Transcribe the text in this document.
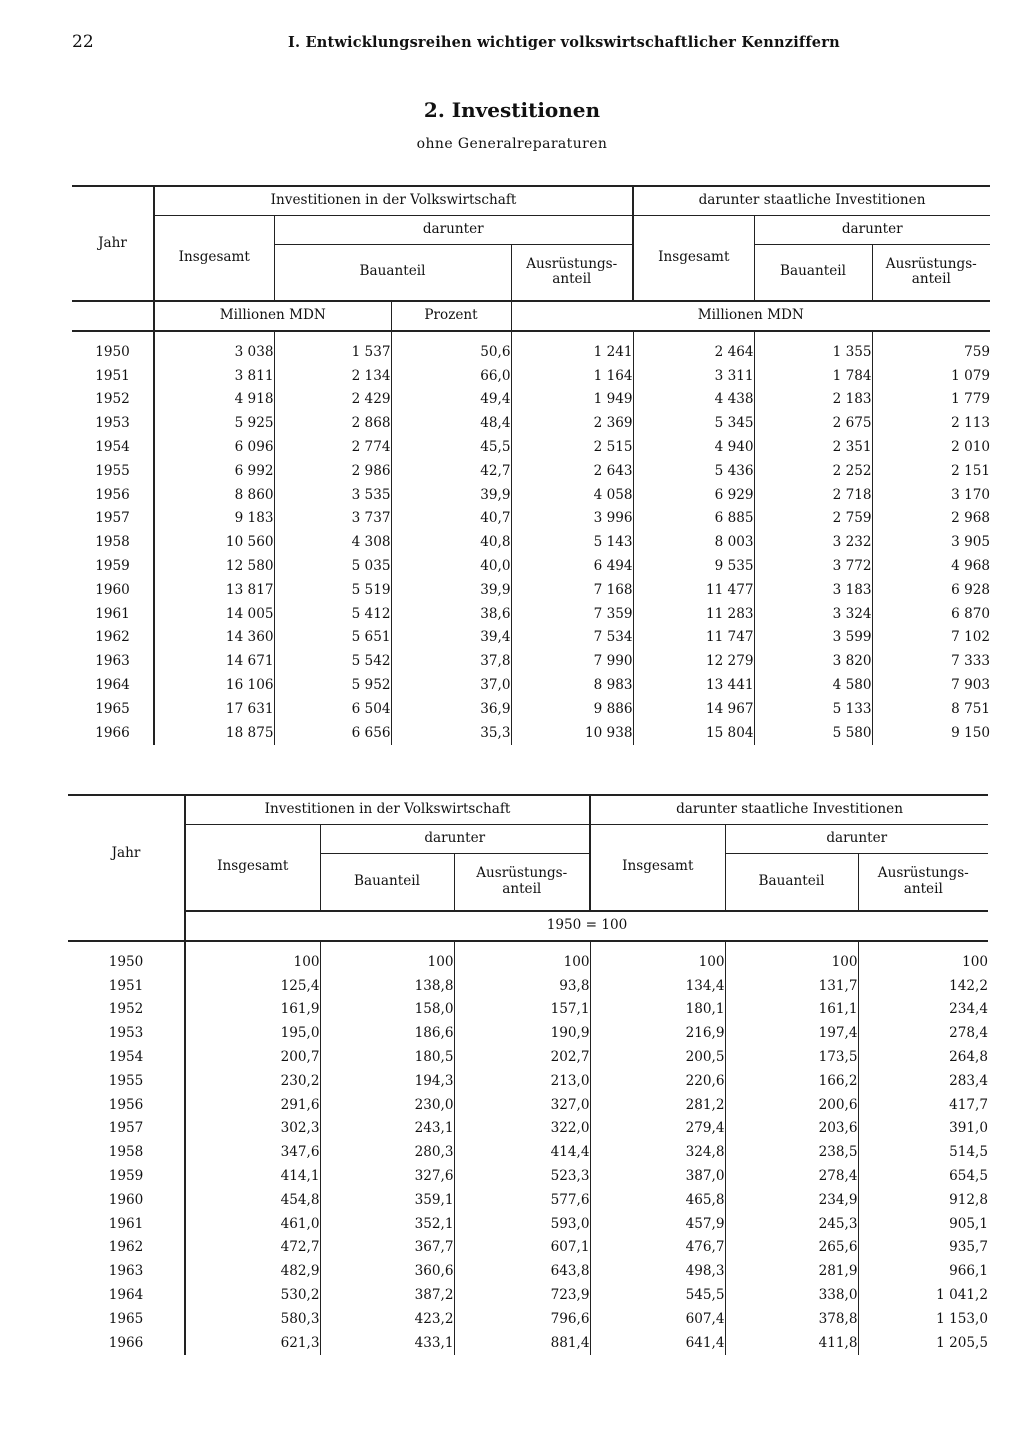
22	I. Entwicklungsreihen wichtiger volkswirtschaftlicher Kennziffern
2. Investitionen
ohne Generalreparaturen
Jahr	Investitionen in der Volkswirtschaft				darunter staatliche Investitionen		
	Insgesamt	darunter			Insgesamt	darunter	
		Bauanteil		Ausrüstungs-
anteil		Bauanteil	Ausrüstungs-
anteil
	Millionen MDN		Prozent	Millionen MDN			
1950	3 038	1 537	50,6	1 241	2 464	1 355	759
1951	3 811	2 134	66,0	1 164	3 311	1 784	1 079
1952	4 918	2 429	49,4	1 949	4 438	2 183	1 779
1953	5 925	2 868	48,4	2 369	5 345	2 675	2 113
1954	6 096	2 774	45,5	2 515	4 940	2 351	2 010
1955	6 992	2 986	42,7	2 643	5 436	2 252	2 151
1956	8 860	3 535	39,9	4 058	6 929	2 718	3 170
1957	9 183	3 737	40,7	3 996	6 885	2 759	2 968
1958	10 560	4 308	40,8	5 143	8 003	3 232	3 905
1959	12 580	5 035	40,0	6 494	9 535	3 772	4 968
1960	13 817	5 519	39,9	7 168	11 477	3 183	6 928
1961	14 005	5 412	38,6	7 359	11 283	3 324	6 870
1962	14 360	5 651	39,4	7 534	11 747	3 599	7 102
1963	14 671	5 542	37,8	7 990	12 279	3 820	7 333
1964	16 106	5 952	37,0	8 983	13 441	4 580	7 903
1965	17 631	6 504	36,9	9 886	14 967	5 133	8 751
1966	18 875	6 656	35,3	10 938	15 804	5 580	9 150
Jahr	Investitionen in der Volkswirtschaft			darunter staatliche Investitionen		
	Insgesamt	darunter		Insgesamt	darunter	
		Bauanteil	Ausrüstungs-
anteil		Bauanteil	Ausrüstungs-
anteil
	1950 = 100					
1950	100	100	100	100	100	100
1951	125,4	138,8	93,8	134,4	131,7	142,2
1952	161,9	158,0	157,1	180,1	161,1	234,4
1953	195,0	186,6	190,9	216,9	197,4	278,4
1954	200,7	180,5	202,7	200,5	173,5	264,8
1955	230,2	194,3	213,0	220,6	166,2	283,4
1956	291,6	230,0	327,0	281,2	200,6	417,7
1957	302,3	243,1	322,0	279,4	203,6	391,0
1958	347,6	280,3	414,4	324,8	238,5	514,5
1959	414,1	327,6	523,3	387,0	278,4	654,5
1960	454,8	359,1	577,6	465,8	234,9	912,8
1961	461,0	352,1	593,0	457,9	245,3	905,1
1962	472,7	367,7	607,1	476,7	265,6	935,7
1963	482,9	360,6	643,8	498,3	281,9	966,1
1964	530,2	387,2	723,9	545,5	338,0	1 041,2
1965	580,3	423,2	796,6	607,4	378,8	1 153,0
1966	621,3	433,1	881,4	641,4	411,8	1 205,5
